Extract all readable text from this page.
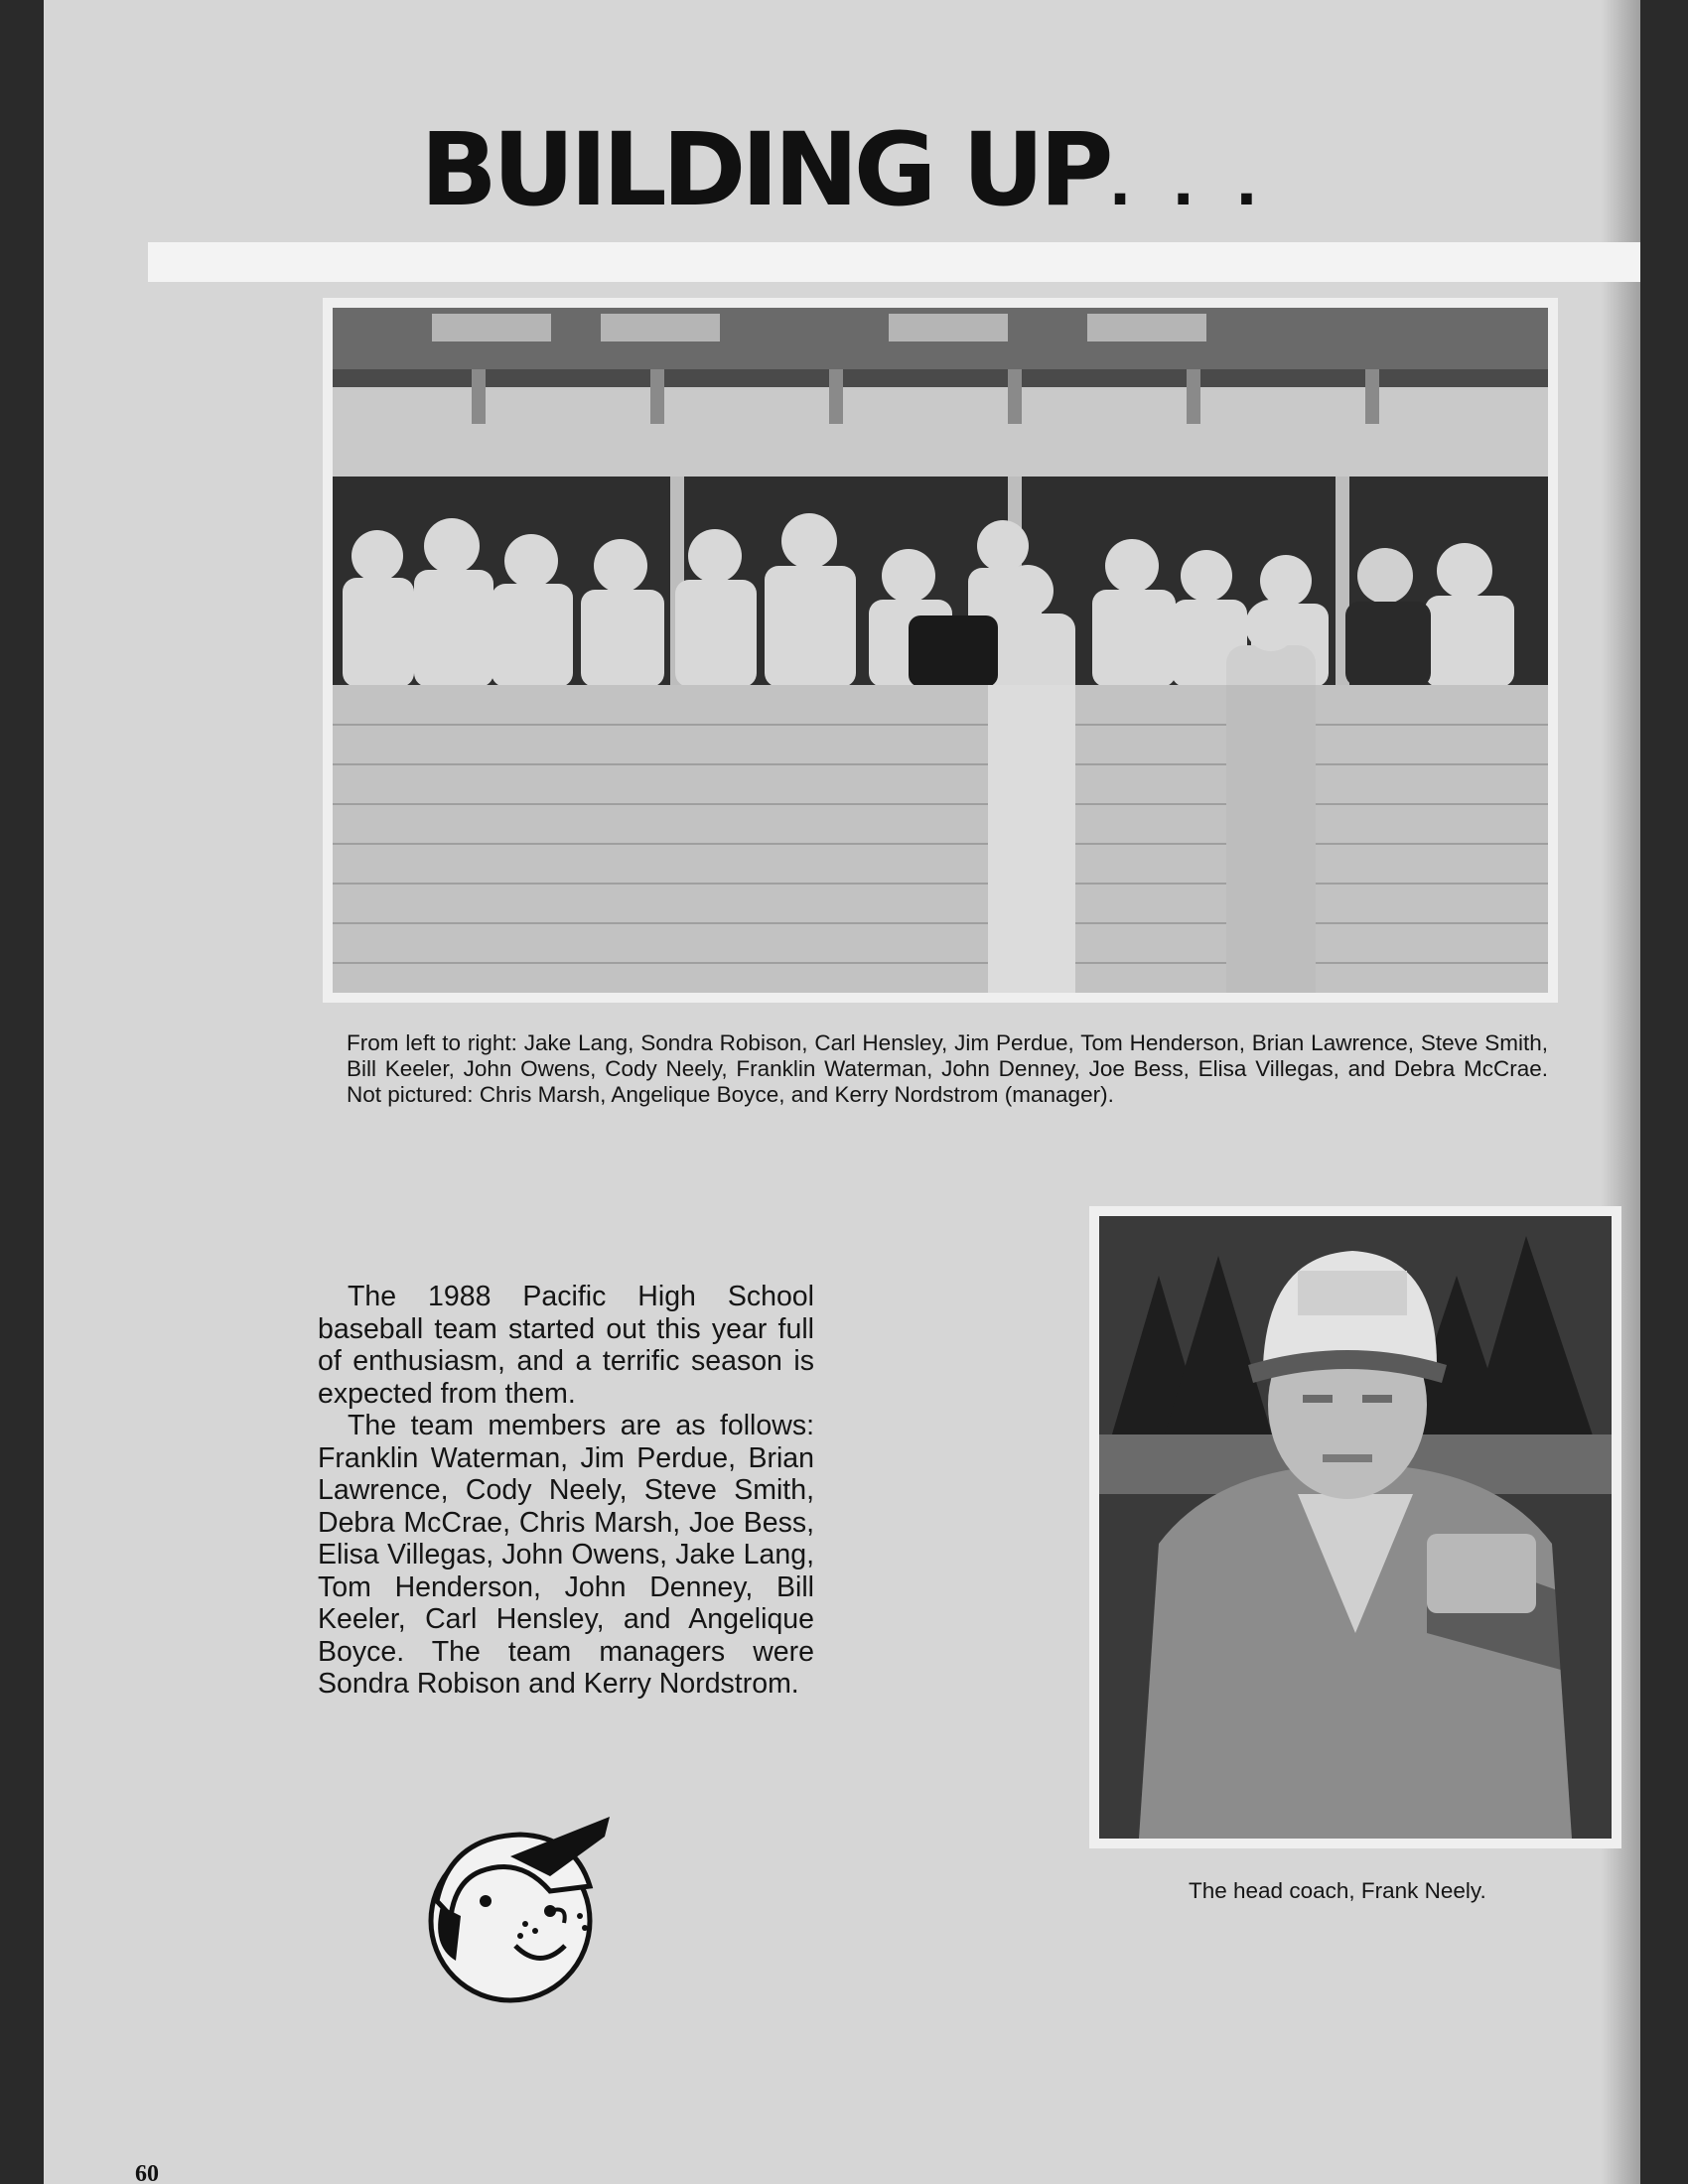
From left to right: Jake Lang, Sondra Robison, Carl Hensley, Jim Perdue, Tom Henderson, Brian Lawrence, Steve Smith, Bill Keeler, John Owens, Cody Neely, Franklin Waterman, John Denney, Joe Bess, Elisa Villegas, and Debra McCrae. Not pictured: Chris Marsh, Angelique Boyce, and Kerry Nordstrom (manager).

The 1988 Pacific High School baseball team started out this year full of enthusiasm, and a terrific season is expected from them.

The team members are as follows: Franklin Waterman, Jim Perdue, Brian Lawrence, Cody Neely, Steve Smith, Debra McCrae, Chris Marsh, Joe Bess, Elisa Villegas, John Owens, Jake Lang, Tom Henderson, John Denney, Bill Keeler, Carl Hensley, and Angelique Boyce. The team managers were Sondra Robison and Kerry Nordstrom.

The head coach, Frank Neely.

60
BUILDING UP. . .
